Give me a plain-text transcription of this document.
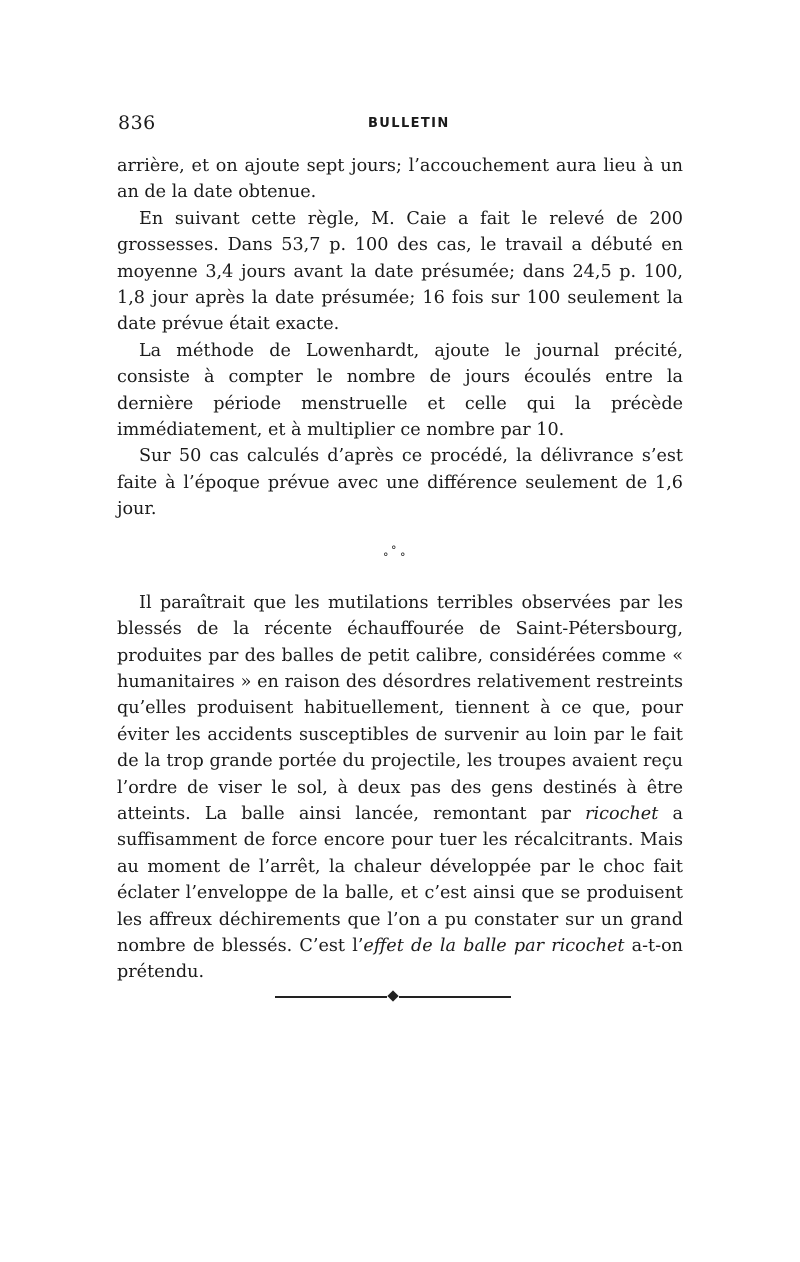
836	BULLETIN

arrière, et on ajoute sept jours; l’accouchement aura lieu à un an de la date obtenue.

En suivant cette règle, M. Caie a fait le relevé de 200 grossesses. Dans 53,7 p. 100 des cas, le travail a débuté en moyenne 3,4 jours avant la date présumée; dans 24,5 p. 100, 1,8 jour après la date présumée; 16 fois sur 100 seulement la date prévue était exacte.

La méthode de Lowenhardt, ajoute le journal précité, consiste à compter le nombre de jours écoulés entre la dernière période menstruelle et celle qui la précède immédiatement, et à multiplier ce nombre par 10.

Sur 50 cas calculés d’après ce procédé, la délivrance s’est faite à l’époque prévue avec une différence seulement de 1,6 jour.

°
° °

Il paraîtrait que les mutilations terribles observées par les blessés de la récente échauffourée de Saint-Pétersbourg, produites par des balles de petit calibre, considérées comme « humanitaires » en raison des désordres relativement restreints qu’elles produisent habituellement, tiennent à ce que, pour éviter les accidents susceptibles de survenir au loin par le fait de la trop grande portée du projectile, les troupes avaient reçu l’ordre de viser le sol, à deux pas des gens destinés à être atteints. La balle ainsi lancée, remontant par ricochet a suffisamment de force encore pour tuer les récalcitrants. Mais au moment de l’arrêt, la chaleur développée par le choc fait éclater l’enveloppe de la balle, et c’est ainsi que se produisent les affreux déchirements que l’on a pu constater sur un grand nombre de blessés. C’est l’effet de la balle par ricochet a-t-on prétendu.
